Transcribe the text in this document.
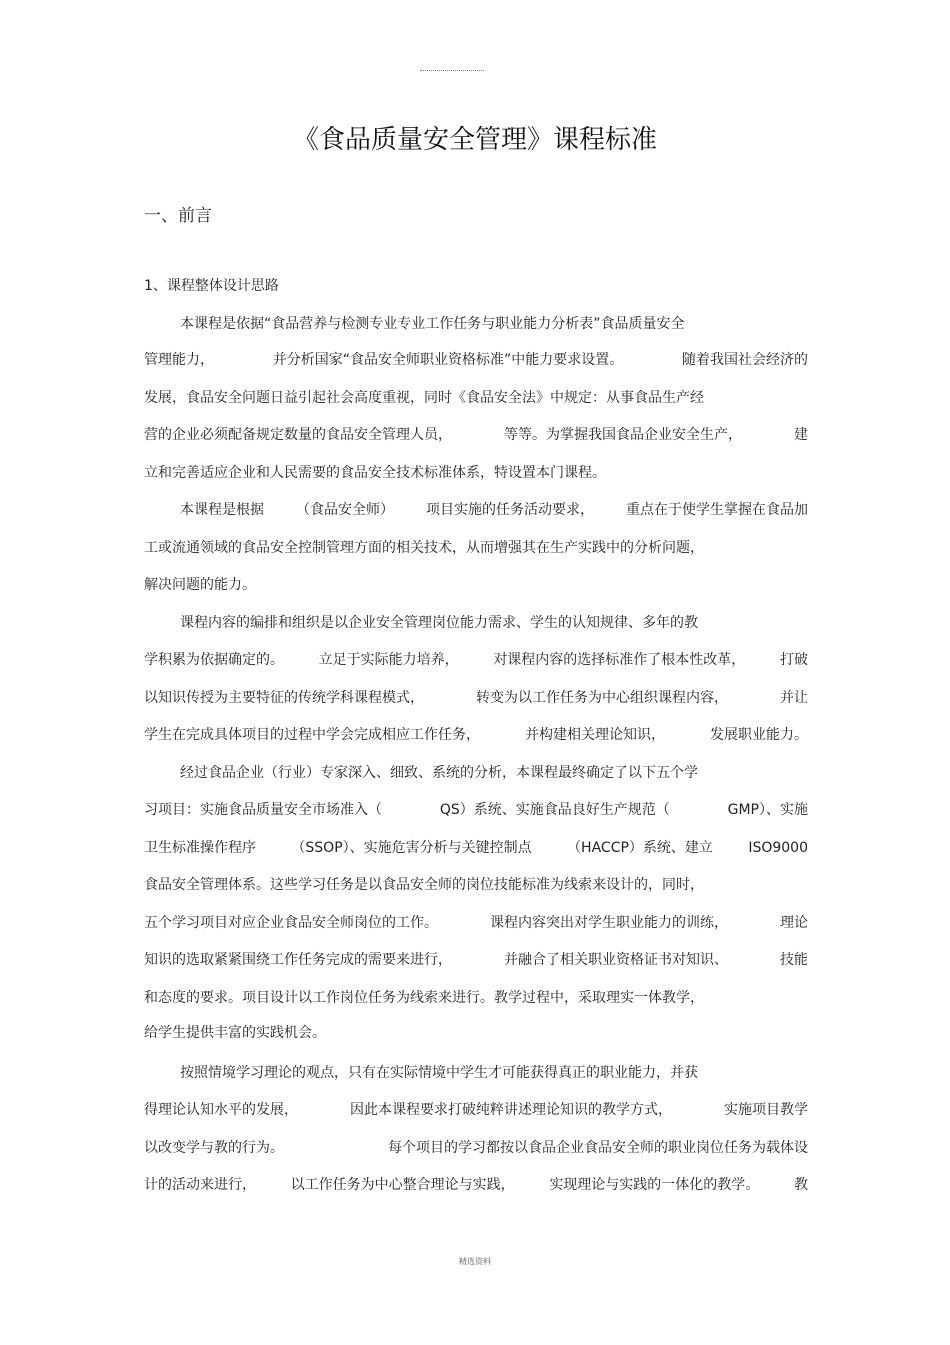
《食品质量安全管理》课程标准
一、前言
1、课程整体设计思路
本课程是依据“食品营养与检测专业专业工作任务与职业能力分析表”食品质量安全
管理能力，	并分析国家“食品安全师职业资格标准”中能力要求设置。	随着我国社会经济的
发展，食品安全问题日益引起社会高度重视，同时《食品安全法》中规定：从事食品生产经
营的企业必须配备规定数量的食品安全管理人员，	等等。为掌握我国食品企业安全生产，	建
立和完善适应企业和人民需要的食品安全技术标准体系，特设置本门课程。
本课程是根据 （食品安全师） 项目实施的任务活动要求， 重点在于使学生掌握在食品加
工或流通领域的食品安全控制管理方面的相关技术，从而增强其在生产实践中的分析问题，
解决问题的能力。
课程内容的编排和组织是以企业安全管理岗位能力需求、学生的认知规律、多年的教
学积累为依据确定的。 立足于实际能力培养， 对课程内容的选择标准作了根本性改革， 打破
以知识传授为主要特征的传统学科课程模式，	转变为以工作任务为中心组织课程内容，	并让
学生在完成具体项目的过程中学会完成相应工作任务，	并构建相关理论知识，	发展职业能力。
经过食品企业（行业）专家深入、细致、系统的分析，本课程最终确定了以下五个学
习项目：实施食品质量安全市场准入（	QS）系统、实施食品良好生产规范（	GMP）、实施
卫生标准操作程序	（SSOP）、实施危害分析与关键控制点	（HACCP）系统、建立	ISO9000
食品安全管理体系。这些学习任务是以食品安全师的岗位技能标准为线索来设计的，同时，
五个学习项目对应企业食品安全师岗位的工作。	课程内容突出对学生职业能力的训练，	理论
知识的选取紧紧围绕工作任务完成的需要来进行，	并融合了相关职业资格证书对知识、	技能
和态度的要求。项目设计以工作岗位任务为线索来进行。教学过程中，采取理实一体教学，
给学生提供丰富的实践机会。
按照情境学习理论的观点，只有在实际情境中学生才可能获得真正的职业能力，并获
得理论认知水平的发展，	因此本课程要求打破纯粹讲述理论知识的教学方式，	实施项目教学
以改变学与教的行为。	每个项目的学习都按以食品企业食品安全师的职业岗位任务为载体设
计的活动来进行， 以工作任务为中心整合理论与实践， 实现理论与实践的一体化的教学。 教
精选资料
